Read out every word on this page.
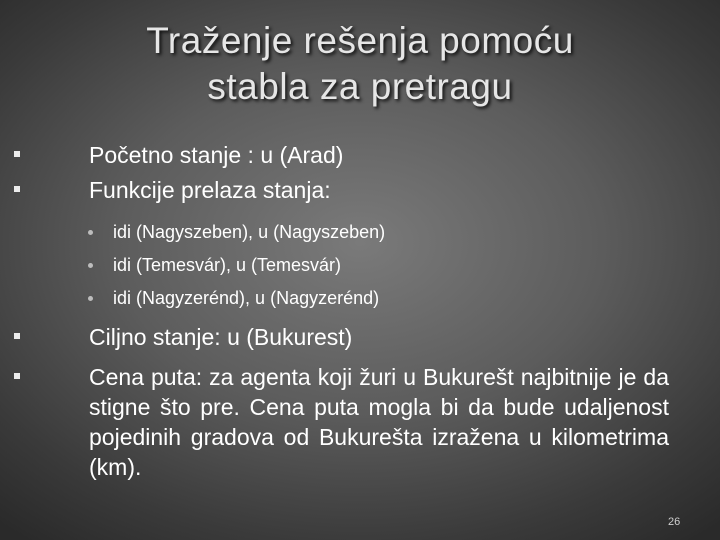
Traženje rešenja pomoću
stabla za pretragu
Početno stanje : u (Arad)
Funkcije prelaza stanja:
idi (Nagyszeben), u (Nagyszeben)
idi (Temesvár), u (Temesvár)
idi (Nagyzerénd), u (Nagyzerénd)
Ciljno stanje: u (Bukurest)
Cena puta: za agenta koji žuri u Bukurešt najbitnije je da stigne što pre. Cena puta mogla bi da bude udaljenost pojedinih gradova od Bukurešta izražena u kilometrima (km).
26
